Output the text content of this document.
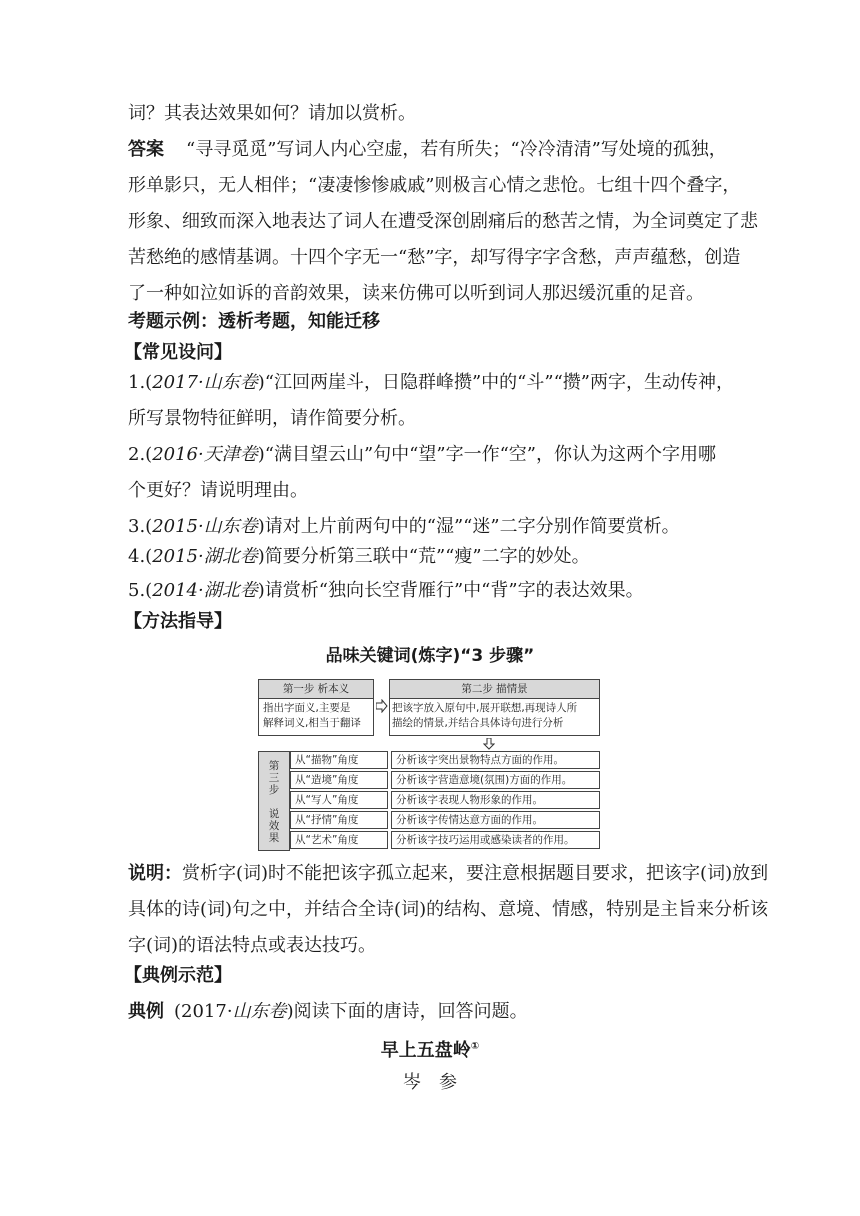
词？其表达效果如何？请加以赏析。
答案 “寻寻觅觅”写词人内心空虚，若有所失；“冷冷清清”写处境的孤独，
形单影只，无人相伴；“凄凄惨惨戚戚”则极言心情之悲怆。七组十四个叠字，
形象、细致而深入地表达了词人在遭受深创剧痛后的愁苦之情，为全词奠定了悲
苦愁绝的感情基调。十四个字无一“愁”字，却写得字字含愁，声声蕴愁，创造
了一种如泣如诉的音韵效果，读来仿佛可以听到词人那迟缓沉重的足音。
考题示例：透析考题，知能迁移
【常见设问】
1.(2017·山东卷)“江回两崖斗，日隐群峰攒”中的“斗”“攒”两字，生动传神，
所写景物特征鲜明，请作简要分析。
2.(2016·天津卷)“满目望云山”句中“望”字一作“空”，你认为这两个字用哪
个更好？请说明理由。
3.(2015·山东卷)请对上片前两句中的“湿”“迷”二字分别作简要赏析。
4.(2015·湖北卷)简要分析第三联中“荒”“瘦”二字的妙处。
5.(2014·湖北卷)请赏析“独向长空背雁行”中“背”字的表达效果。
【方法指导】
品味关键词(炼字)“3 步骤”
第一步 析本义
指出字面义,主要是
解释词义,相当于翻译
第二步 描情景
把该字放入原句中,展开联想,再现诗人所
描绘的情景,并结合具体诗句进行分析
第
三
步
说
效
果
从“描物”角度	分析该字突出景物特点方面的作用。
从“造境”角度	分析该字营造意境(氛围)方面的作用。
从“写人”角度	分析该字表现人物形象的作用。
从“抒情”角度	分析该字传情达意方面的作用。
从“艺术”角度	分析该字技巧运用或感染读者的作用。
说明：赏析字(词)时不能把该字孤立起来，要注意根据题目要求，把该字(词)放到
具体的诗(词)句之中，并结合全诗(词)的结构、意境、情感，特别是主旨来分析该
字(词)的语法特点或表达技巧。
【典例示范】
典例 (2017·山东卷)阅读下面的唐诗，回答问题。
早上五盘岭①
岑　参
